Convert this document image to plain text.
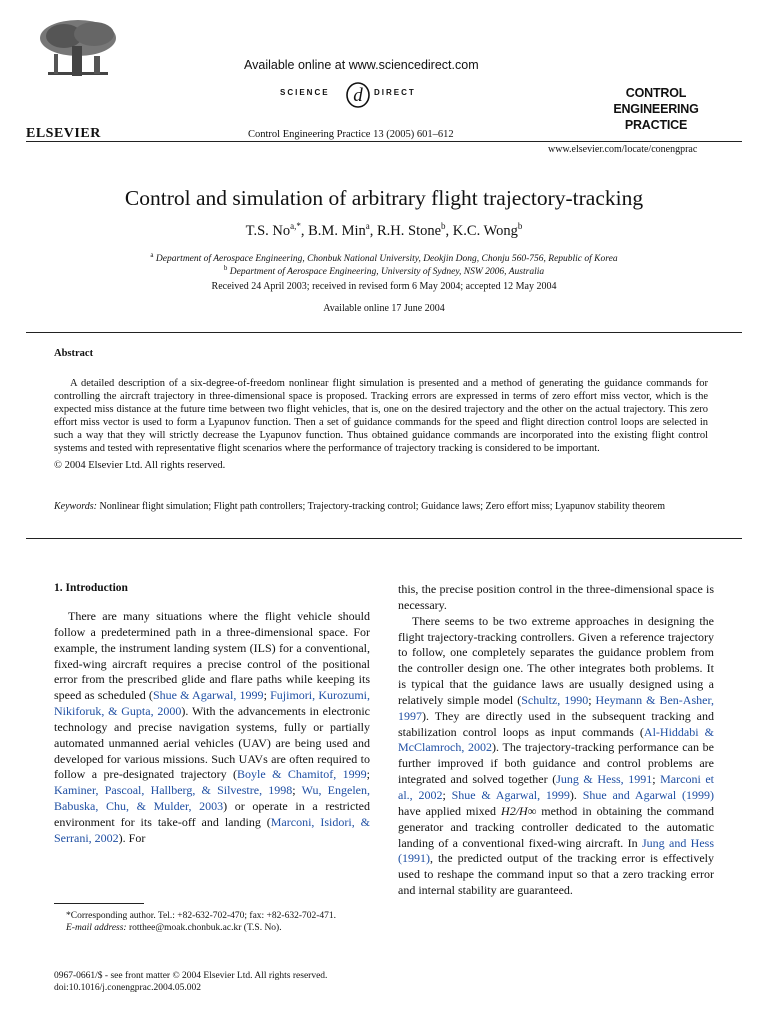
ELSEVIER
Available online at www.sciencedirect.com
SCIENCE d DIRECT
Control Engineering Practice 13 (2005) 601–612
CONTROL ENGINEERING
PRACTICE
www.elsevier.com/locate/conengprac
Control and simulation of arbitrary flight trajectory-tracking
T.S. $No^{a,*}$, B.M. Min$^a$, R.H. Stone$^b$, K.C. Wong$^b$
$^a$ Department of Aerospace Engineering, Chonbuk National University, Deokjin Dong, Chonju 560-756, Republic of Korea
$^b$ Department of Aerospace Engineering, University of Sydney, NSW 2006, Australia
Received 24 April 2003; received in revised form 6 May 2004; accepted 12 May 2004
Available online 17 June 2004
Abstract
A detailed description of a six-degree-of-freedom nonlinear flight simulation is presented and a method of generating the guidance commands for controlling the aircraft trajectory in three-dimensional space is proposed. Tracking errors are expressed in terms of zero effort miss vector, which is the expected miss distance at the future time between two flight vehicles, that is, one on the desired trajectory and the other on the actual trajectory. This zero effort miss vector is used to form a Lyapunov function. Then a set of guidance commands for the speed and flight direction control loops are selected in such a way that they will strictly decrease the Lyapunov function. Thus obtained guidance commands are incorporated into the existing flight control systems and tested with representative flight scenarios where the performance of trajectory tracking is considered to be important.
© 2004 Elsevier Ltd. All rights reserved.
Keywords: Nonlinear flight simulation; Flight path controllers; Trajectory-tracking control; Guidance laws; Zero effort miss; Lyapunov stability theorem
1. Introduction

There are many situations where the flight vehicle should follow a predetermined path in a three-dimensional space. For example, the instrument landing system (ILS) for a conventional, fixed-wing aircraft requires a precise control of the positional error from the prescribed glide and flare paths while keeping its speed as scheduled (Shue & Agarwal, 1999; Fujimori, Kurozumi, Nikiforuk, & Gupta, 2000). With the advancements in electronic technology and precise navigation systems, fully or partially automated unmanned aerial vehicles (UAV) are being used and developed for various missions. Such UAVs are often required to follow a pre-designated trajectory (Boyle & Chamitof, 1999; Kaminer, Pascoal, Hallberg, & Silvestre, 1998; Wu, Engelen, Babuska, Chu, & Mulder, 2003) or operate in a restricted environment for its take-off and landing (Marconi, Isidori, & Serrani, 2002). For

this, the precise position control in the three-dimensional space is necessary.

There seems to be two extreme approaches in designing the flight trajectory-tracking controllers. Given a reference trajectory to follow, one completely separates the guidance problem from the controller design one. The other integrates both problems. It is typical that the guidance laws are usually designed using a relatively simple model (Schultz, 1990; Heymann & Ben-Asher, 1997). They are directly used in the subsequent tracking and stabilization control loops as input commands (Al-Hiddabi & McClamroch, 2002). The trajectory-tracking performance can be further improved if both guidance and control problems are integrated and solved together (Jung & Hess, 1991; Marconi et al., 2002; Shue & Agarwal, 1999). Shue and Agarwal (1999) have applied mixed H2/H∞ method in obtaining the command generator and tracking controller dedicated to the automatic landing of a conventional fixed-wing aircraft. In Jung and Hess (1991), the predicted output of the tracking error is effectively used to reshape the command input so that a zero tracking error and internal stability are guaranteed.

*Corresponding author. Tel.: +82-632-702-470; fax: +82-632-702-471.
E-mail address: rotthee@moak.chonbuk.ac.kr (T.S. No).
0967-0661/$ - see front matter © 2004 Elsevier Ltd. All rights reserved.
doi:10.1016/j.conengprac.2004.05.002
